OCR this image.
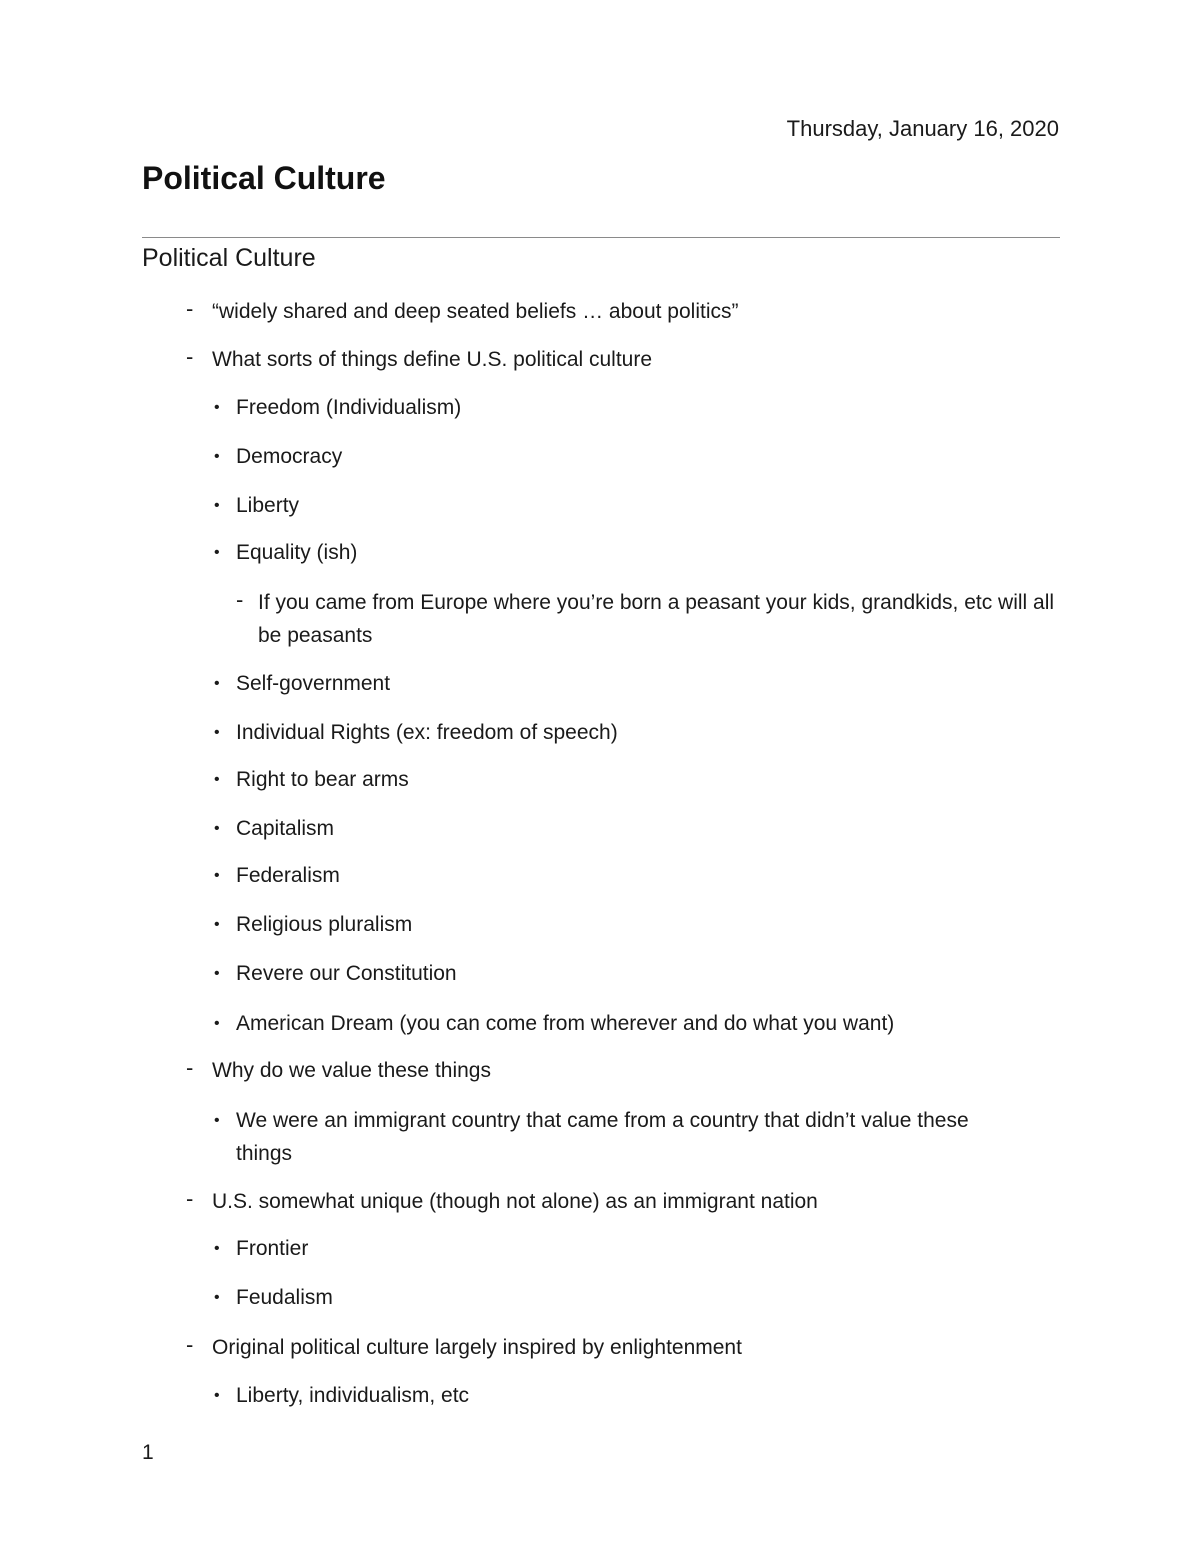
Thursday, January 16, 2020
Political Culture
Political Culture
- “widely shared and deep seated beliefs … about politics”
- What sorts of things define U.S. political culture
• Freedom (Individualism)
• Democracy
• Liberty
• Equality (ish)
- If you came from Europe where you’re born a peasant your kids, grandkids, etc will all be peasants
• Self-government
• Individual Rights (ex: freedom of speech)
• Right to bear arms
• Capitalism
• Federalism
• Religious pluralism
• Revere our Constitution
• American Dream (you can come from wherever and do what you want)
- Why do we value these things
• We were an immigrant country that came from a country that didn’t value these things
- U.S. somewhat unique (though not alone) as an immigrant nation
• Frontier
• Feudalism
- Original political culture largely inspired by enlightenment
• Liberty, individualism, etc
1
